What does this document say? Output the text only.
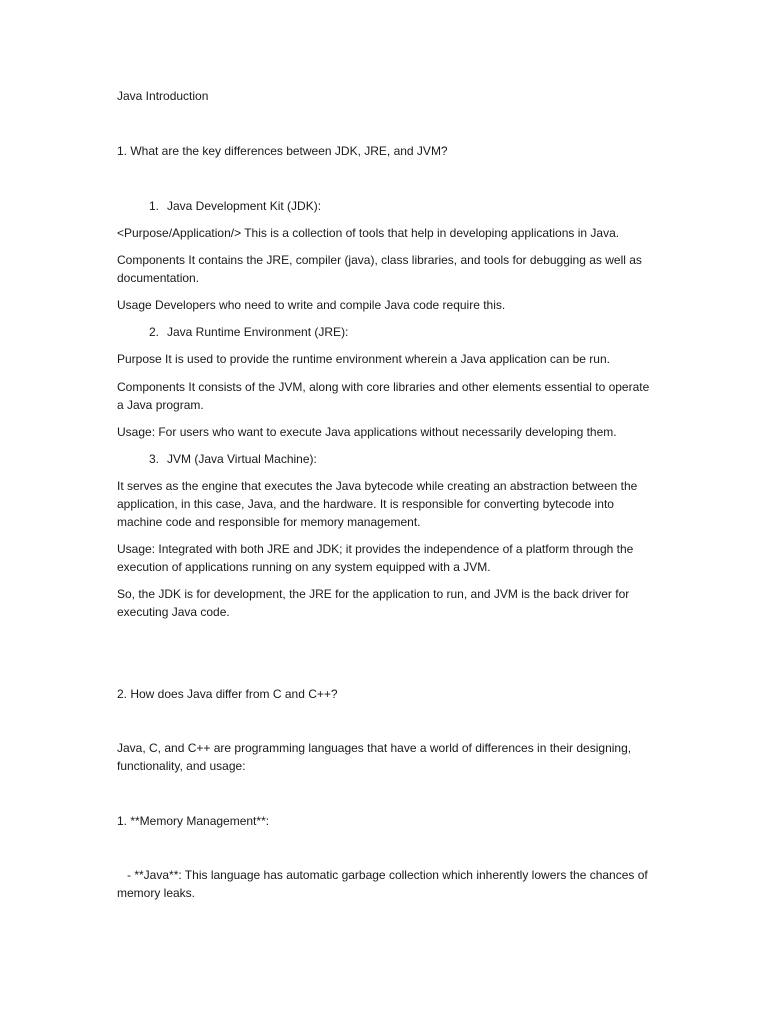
Java Introduction
1. What are the key differences between JDK, JRE, and JVM?
1. Java Development Kit (JDK):
<Purpose/Application/> This is a collection of tools that help in developing applications in Java.
Components It contains the JRE, compiler (java), class libraries, and tools for debugging as well as documentation.
Usage Developers who need to write and compile Java code require this.
2. Java Runtime Environment (JRE):
Purpose It is used to provide the runtime environment wherein a Java application can be run.
Components It consists of the JVM, along with core libraries and other elements essential to operate a Java program.
Usage: For users who want to execute Java applications without necessarily developing them.
3. JVM (Java Virtual Machine):
It serves as the engine that executes the Java bytecode while creating an abstraction between the application, in this case, Java, and the hardware. It is responsible for converting bytecode into machine code and responsible for memory management.
Usage: Integrated with both JRE and JDK; it provides the independence of a platform through the execution of applications running on any system equipped with a JVM.
So, the JDK is for development, the JRE for the application to run, and JVM is the back driver for executing Java code.
2. How does Java differ from C and C++?
Java, C, and C++ are programming languages that have a world of differences in their designing, functionality, and usage:
1. **Memory Management**:
- **Java**: This language has automatic garbage collection which inherently lowers the chances of memory leaks.
